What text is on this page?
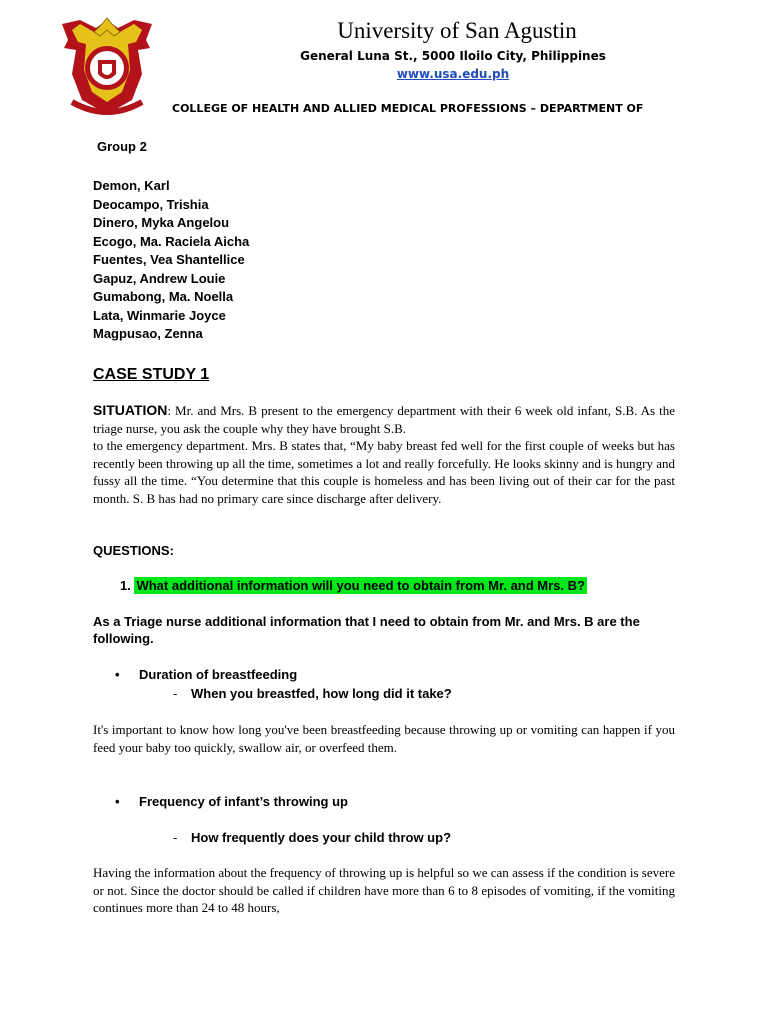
University of San Agustin
General Luna St., 5000 Iloilo City, Philippines
www.usa.edu.ph
COLLEGE OF HEALTH AND ALLIED MEDICAL PROFESSIONS – DEPARTMENT OF
Group 2
Demon, Karl
Deocampo, Trishia
Dinero, Myka Angelou
Ecogo, Ma. Raciela Aicha
Fuentes, Vea Shantellice
Gapuz, Andrew Louie
Gumabong, Ma. Noella
Lata, Winmarie Joyce
Magpusao, Zenna
CASE STUDY 1
SITUATION: Mr. and Mrs. B present to the emergency department with their 6 week old infant, S.B. As the triage nurse, you ask the couple why they have brought S.B.
to the emergency department. Mrs. B states that, “My baby breast fed well for the first couple of weeks but has recently been throwing up all the time, sometimes a lot and really forcefully. He looks skinny and is hungry and fussy all the time. “You determine that this couple is homeless and has been living out of their car for the past month. S. B has had no primary care since discharge after delivery.
QUESTIONS:
1. What additional information will you need to obtain from Mr. and Mrs. B?

As a Triage nurse additional information that I need to obtain from Mr. and Mrs. B are the following.

• Duration of breastfeeding
- When you breastfed, how long did it take?

It's important to know how long you've been breastfeeding because throwing up or vomiting can happen if you feed your baby too quickly, swallow air, or overfeed them.

• Frequency of infant’s throwing up
- How frequently does your child throw up?

Having the information about the frequency of throwing up is helpful so we can assess if the condition is severe or not. Since the doctor should be called if children have more than 6 to 8 episodes of vomiting, if the vomiting continues more than 24 to 48 hours,
